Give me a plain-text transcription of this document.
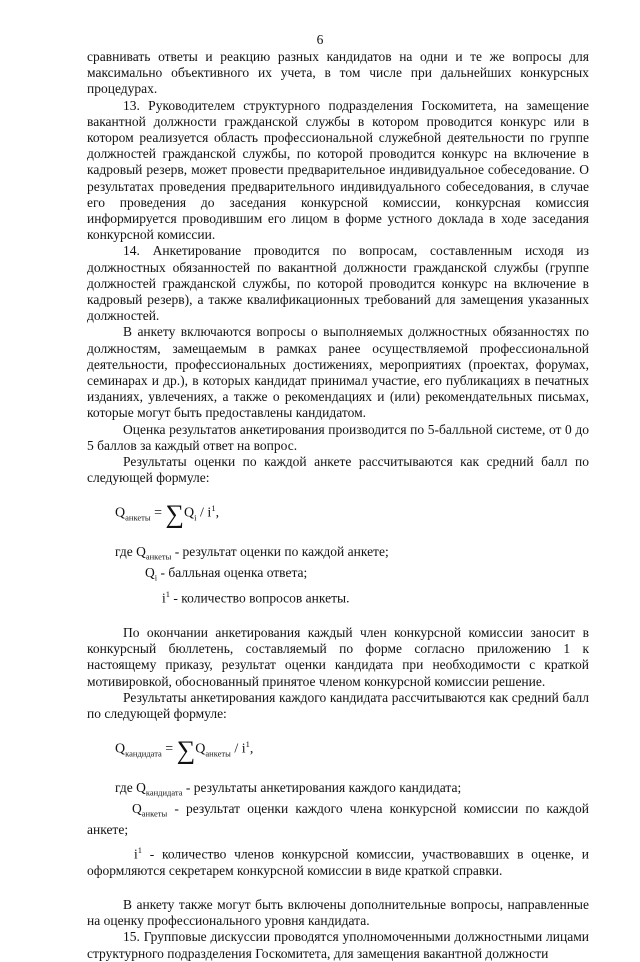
6

сравнивать ответы и реакцию разных кандидатов на одни и те же вопросы для максимально объективного их учета, в том числе при дальнейших конкурсных процедурах.

13. Руководителем структурного подразделения Госкомитета, на замещение вакантной должности гражданской службы в котором проводится конкурс или в котором реализуется область профессиональной служебной деятельности по группе должностей гражданской службы, по которой проводится конкурс на включение в кадровый резерв, может провести предварительное индивидуальное собеседование. О результатах проведения предварительного индивидуального собеседования, в случае его проведения до заседания конкурсной комиссии, конкурсная комиссия информируется проводившим его лицом в форме устного доклада в ходе заседания конкурсной комиссии.

14. Анкетирование проводится по вопросам, составленным исходя из должностных обязанностей по вакантной должности гражданской службы (группе должностей гражданской службы, по которой проводится конкурс на включение в кадровый резерв), а также квалификационных требований для замещения указанных должностей.

В анкету включаются вопросы о выполняемых должностных обязанностях по должностям, замещаемым в рамках ранее осуществляемой профессиональной деятельности, профессиональных достижениях, мероприятиях (проектах, форумах, семинарах и др.), в которых кандидат принимал участие, его публикациях в печатных изданиях, увлечениях, а также о рекомендациях и (или) рекомендательных письмах, которые могут быть предоставлены кандидатом.

Оценка результатов анкетирования производится по 5-балльной системе, от 0 до 5 баллов за каждый ответ на вопрос.

Результаты оценки по каждой анкете рассчитываются как средний балл по следующей формуле:

$Q_{анкеты} = \sum Q_i / i^1$,
где $Q_{анкеты}$ - результат оценки по каждой анкете;
$Q_i$ - балльная оценка ответа;
$i^1$ - количество вопросов анкеты.

По окончании анкетирования каждый член конкурсной комиссии заносит в конкурсный бюллетень, составляемый по форме согласно приложению 1 к настоящему приказу, результат оценки кандидата при необходимости с краткой мотивировкой, обоснованный принятое членом конкурсной комиссии решение.

Результаты анкетирования каждого кандидата рассчитываются как средний балл по следующей формуле:

$Q_{кандидата} = \sum Q_{анкеты} / i^1$,
где $Q_{кандидата}$ - результаты анкетирования каждого кандидата;

$Q_{анкеты}$ - результат оценки каждого члена конкурсной комиссии по каждой анкете;

$i^1$ - количество членов конкурсной комиссии, участвовавших в оценке, и оформляются секретарем конкурсной комиссии в виде краткой справки.

В анкету также могут быть включены дополнительные вопросы, направленные на оценку профессионального уровня кандидата.

15. Групповые дискуссии проводятся уполномоченными должностными лицами структурного подразделения Госкомитета, для замещения вакантной должности
